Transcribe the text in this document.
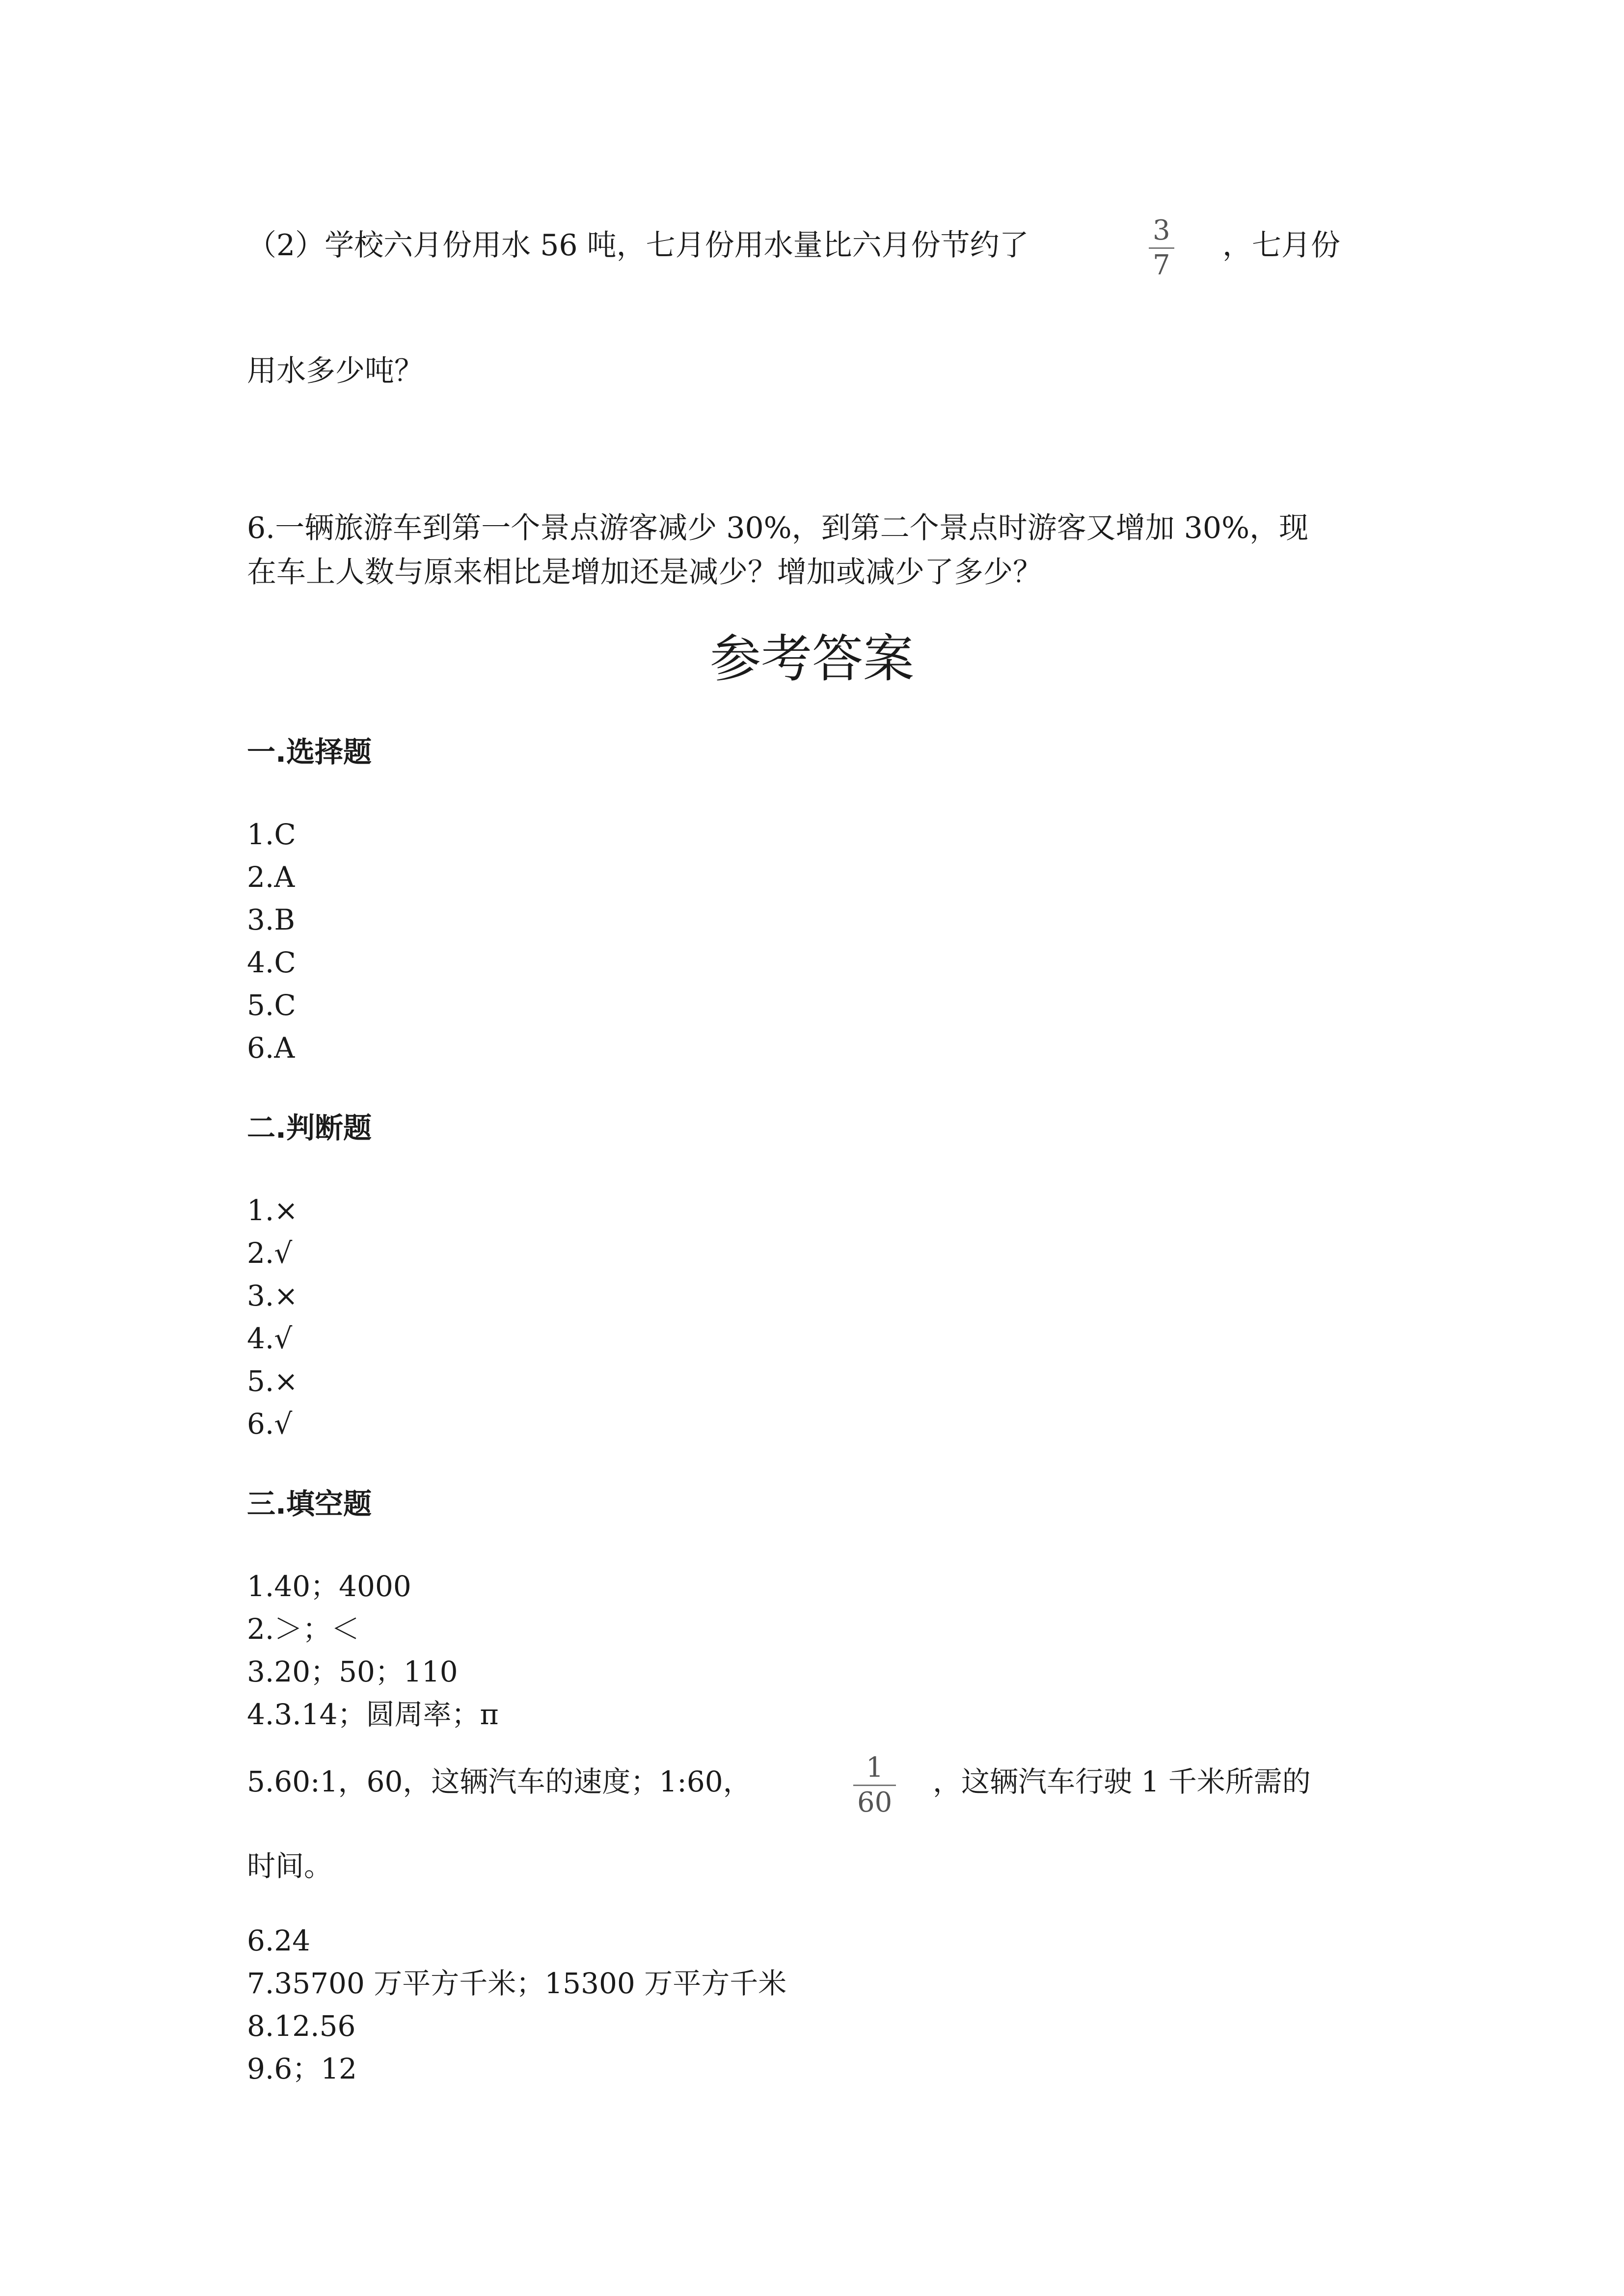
（2）学校六月份用水 56 吨，七月份用水量比六月份节约了	3
7
，七月份
用水多少吨？
6.一辆旅游车到第一个景点游客减少 30%，到第二个景点时游客又增加 30%，现
在车上人数与原来相比是增加还是减少？增加或减少了多少？
参考答案
一.选择题
1.C
2.A
3.B
4.C
5.C
6.A
二.判断题
1.×
2.√
3.×
4.√
5.×
6.√
三.填空题
1.40；4000
2.＞；＜
3.20；50；110
4.3.14；圆周率；π
5.60:1，60，这辆汽车的速度；1:60，	1
60
，这辆汽车行驶 1 千米所需的
时间。
6.24
7.35700 万平方千米；15300 万平方千米
8.12.56
9.6；12
